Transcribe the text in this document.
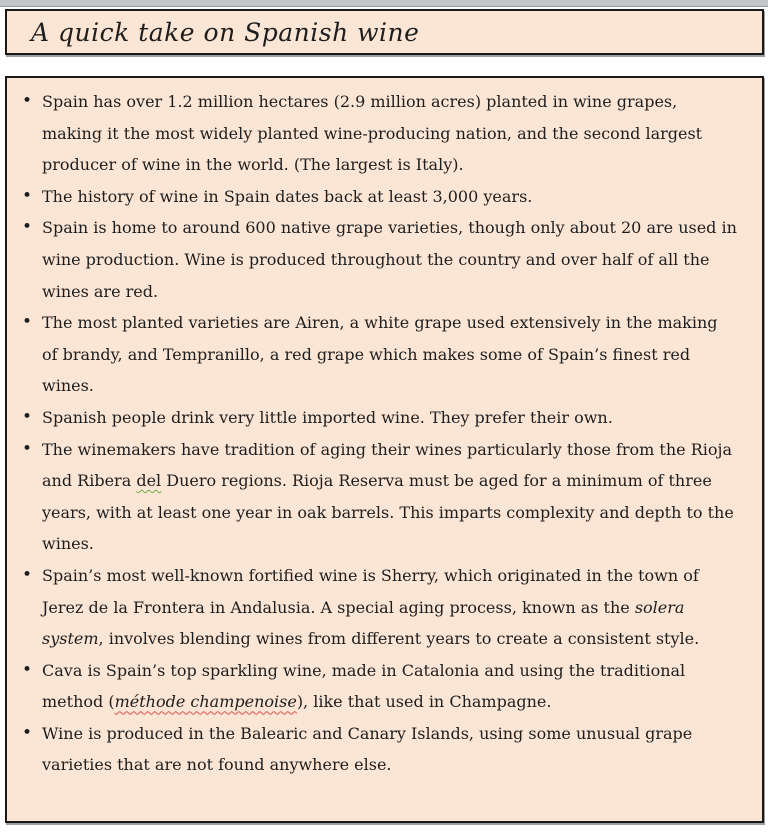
A quick take on Spanish wine
• Spain has over 1.2 million hectares (2.9 million acres) planted in wine grapes, making it the most widely planted wine-producing nation, and the second largest producer of wine in the world. (The largest is Italy).
• The history of wine in Spain dates back at least 3,000 years.
• Spain is home to around 600 native grape varieties, though only about 20 are used in wine production. Wine is produced throughout the country and over half of all the wines are red.
• The most planted varieties are Airen, a white grape used extensively in the making of brandy, and Tempranillo, a red grape which makes some of Spain’s finest red wines.
• Spanish people drink very little imported wine. They prefer their own.
• The winemakers have tradition of aging their wines particularly those from the Rioja and Ribera del Duero regions. Rioja Reserva must be aged for a minimum of three years, with at least one year in oak barrels. This imparts complexity and depth to the wines.
• Spain’s most well-known fortified wine is Sherry, which originated in the town of Jerez de la Frontera in Andalusia. A special aging process, known as the solera system, involves blending wines from different years to create a consistent style.
• Cava is Spain’s top sparkling wine, made in Catalonia and using the traditional method (méthode champenoise), like that used in Champagne.
• Wine is produced in the Balearic and Canary Islands, using some unusual grape varieties that are not found anywhere else.
